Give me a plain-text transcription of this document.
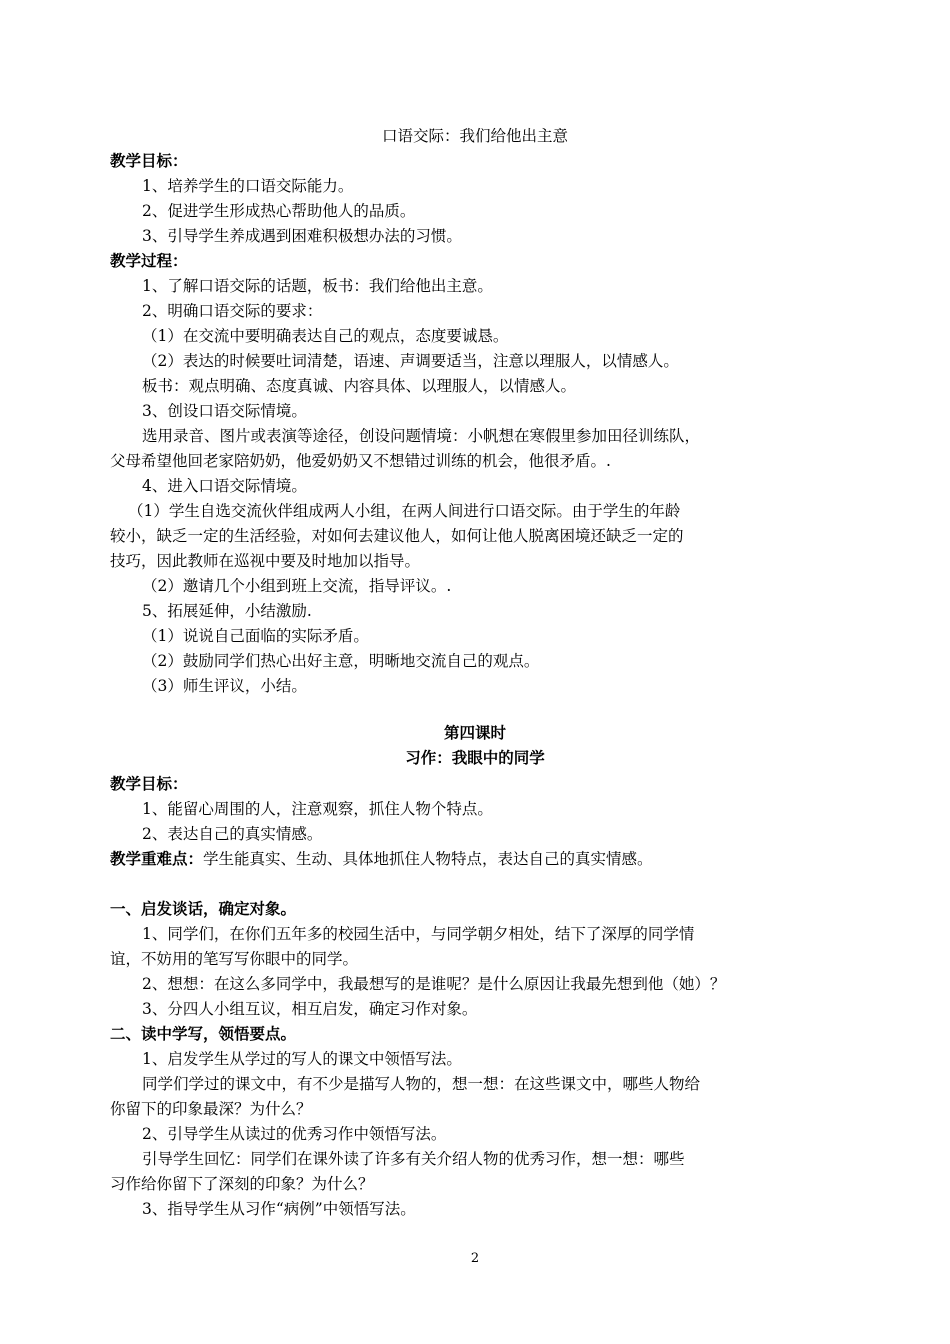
口语交际：我们给他出主意
教学目标：
1、培养学生的口语交际能力。
2、促进学生形成热心帮助他人的品质。
3、引导学生养成遇到困难积极想办法的习惯。
教学过程：
1、了解口语交际的话题，板书：我们给他出主意。
2、明确口语交际的要求：
（1）在交流中要明确表达自己的观点，态度要诚恳。
（2）表达的时候要吐词清楚，语速、声调要适当，注意以理服人，以情感人。
板书：观点明确、态度真诚、内容具体、以理服人，以情感人。
3、创设口语交际情境。
选用录音、图片或表演等途径，创设问题情境：小帆想在寒假里参加田径训练队，
父母希望他回老家陪奶奶，他爱奶奶又不想错过训练的机会，他很矛盾。.
4、进入口语交际情境。
（1）学生自选交流伙伴组成两人小组，在两人间进行口语交际。由于学生的年龄
较小，缺乏一定的生活经验，对如何去建议他人，如何让他人脱离困境还缺乏一定的
技巧，因此教师在巡视中要及时地加以指导。
（2）邀请几个小组到班上交流，指导评议。.
5、拓展延伸，小结激励.
（1）说说自己面临的实际矛盾。
（2）鼓励同学们热心出好主意，明晰地交流自己的观点。
（3）师生评议，小结。
第四课时
习作：我眼中的同学
教学目标：
1、能留心周围的人，注意观察，抓住人物个特点。
2、表达自己的真实情感。
教学重难点：学生能真实、生动、具体地抓住人物特点，表达自己的真实情感。
一、启发谈话，确定对象。
1、同学们，在你们五年多的校园生活中，与同学朝夕相处，结下了深厚的同学情
谊，不妨用的笔写写你眼中的同学。
2、想想：在这么多同学中，我最想写的是谁呢？是什么原因让我最先想到他（她）？
3、分四人小组互议，相互启发，确定习作对象。
二、读中学写，领悟要点。
1、启发学生从学过的写人的课文中领悟写法。
同学们学过的课文中，有不少是描写人物的，想一想：在这些课文中，哪些人物给
你留下的印象最深？为什么？
2、引导学生从读过的优秀习作中领悟写法。
引导学生回忆：同学们在课外读了许多有关介绍人物的优秀习作，想一想：哪些
习作给你留下了深刻的印象？为什么？
3、指导学生从习作“病例”中领悟写法。
2
